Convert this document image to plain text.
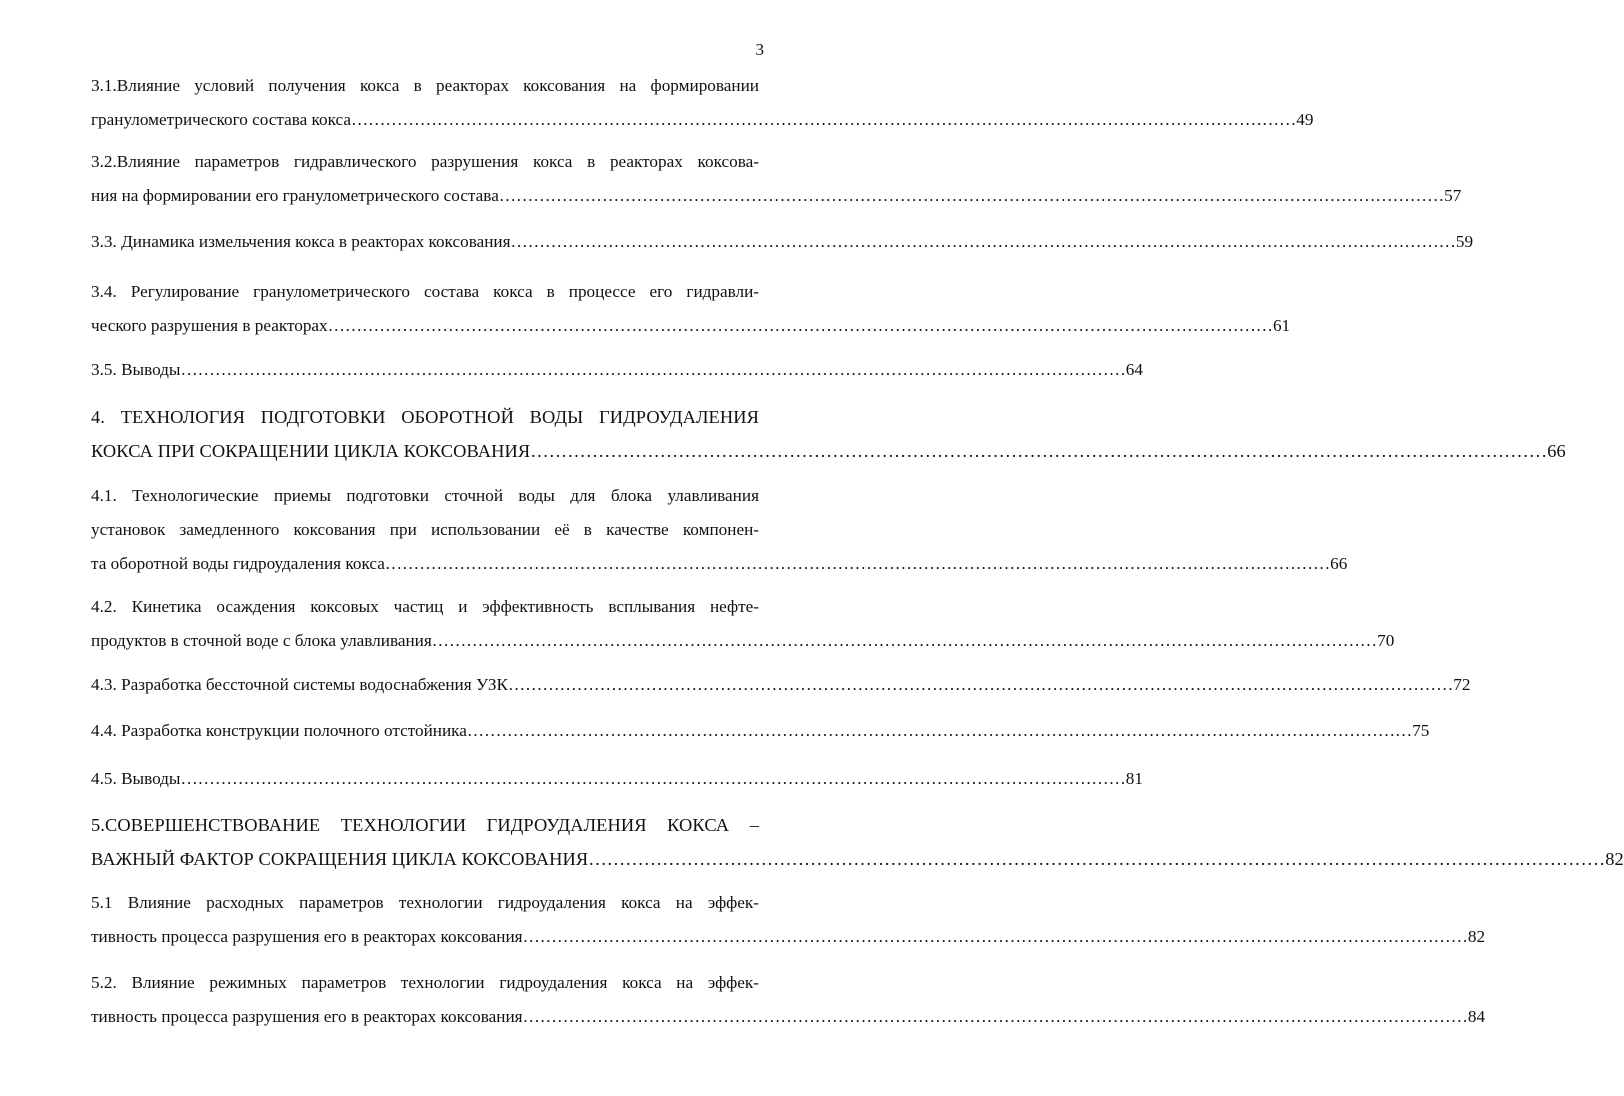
3
3.1.Влияние условий получения кокса в реакторах коксования на формировании
гранулометрического состава кокса …………………………………………………………………………………………………………………………………………………	49
3.2.Влияние параметров гидравлического разрушения кокса в реакторах коксова-
ния на формировании его гранулометрического состава …………………………………………………………………………………………………………………………………………………	57
3.3. Динамика измельчения кокса в реакторах коксования …………………………………………………………………………………………………………………………………………………	59
3.4. Регулирование гранулометрического состава кокса в процессе его гидравли-
ческого разрушения в реакторах …………………………………………………………………………………………………………………………………………………	61
3.5. Выводы …………………………………………………………………………………………………………………………………………………	64
4. ТЕХНОЛОГИЯ ПОДГОТОВКИ ОБОРОТНОЙ ВОДЫ ГИДРОУДАЛЕНИЯ
КОКСА ПРИ СОКРАЩЕНИИ ЦИКЛА КОКСОВАНИЯ …………………………………………………………………………………………………………………………………………………	66
4.1. Технологические приемы подготовки сточной воды для блока улавливания
установок замедленного коксования при использовании её в качестве компонен-
та оборотной воды гидроудаления кокса …………………………………………………………………………………………………………………………………………………	66
4.2. Кинетика осаждения коксовых частиц и эффективность всплывания нефте-
продуктов в сточной воде с блока улавливания …………………………………………………………………………………………………………………………………………………	70
4.3. Разработка бессточной системы водоснабжения УЗК …………………………………………………………………………………………………………………………………………………	72
4.4. Разработка конструкции полочного отстойника …………………………………………………………………………………………………………………………………………………	75
4.5. Выводы …………………………………………………………………………………………………………………………………………………	81
5.СОВЕРШЕНСТВОВАНИЕ ТЕХНОЛОГИИ ГИДРОУДАЛЕНИЯ КОКСА –
ВАЖНЫЙ ФАКТОР СОКРАЩЕНИЯ ЦИКЛА КОКСОВАНИЯ …………………………………………………………………………………………………………………………………………………	82
5.1 Влияние расходных параметров технологии гидроудаления кокса на эффек-
тивность процесса разрушения его в реакторах коксования …………………………………………………………………………………………………………………………………………………	82
5.2. Влияние режимных параметров технологии гидроудаления кокса на эффек-
тивность процесса разрушения его в реакторах коксования …………………………………………………………………………………………………………………………………………………	84
